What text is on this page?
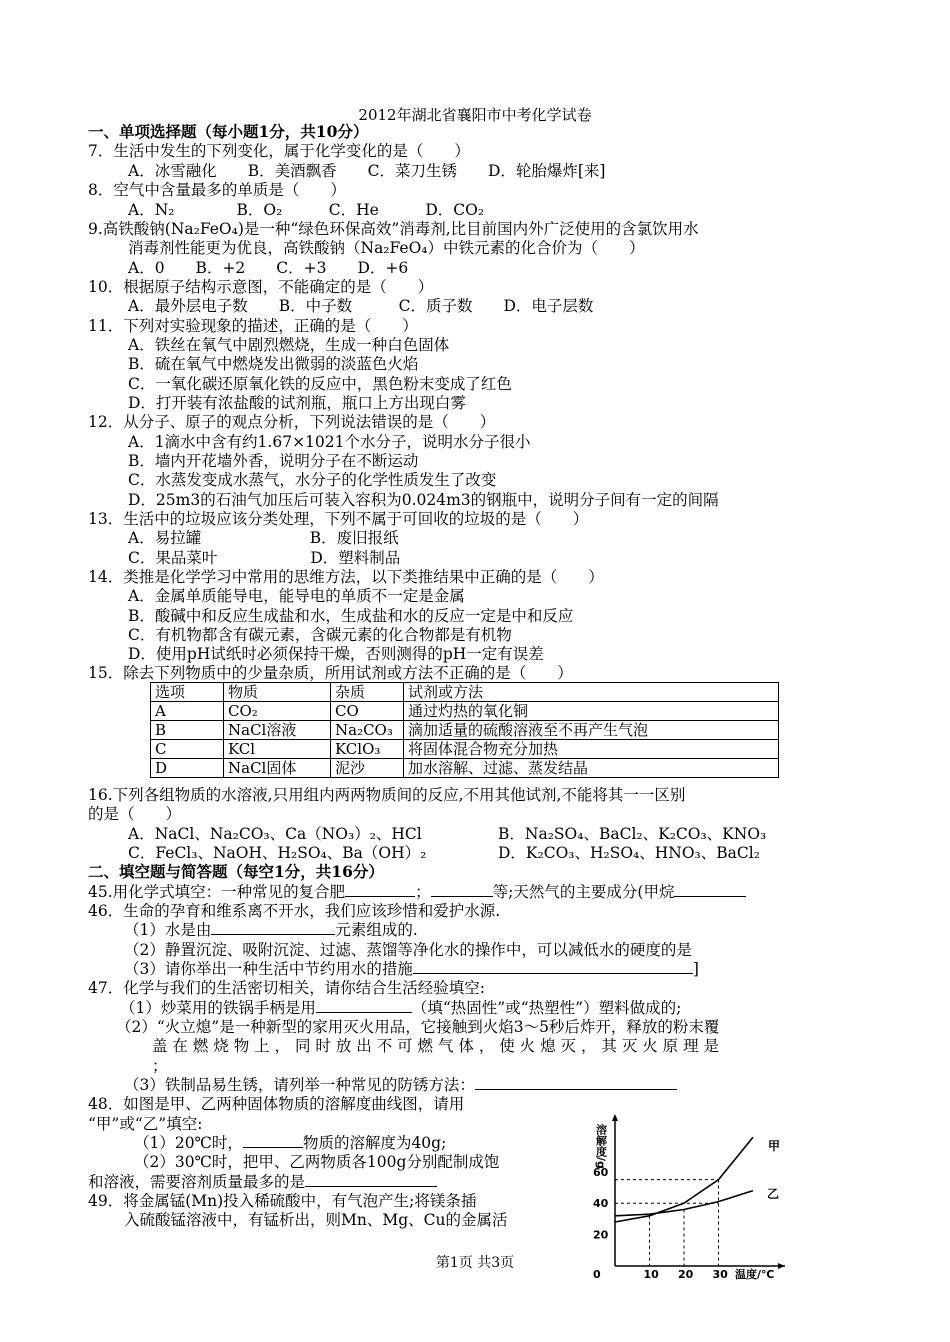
2012年湖北省襄阳市中考化学试卷
一、单项选择题（每小题1分，共10分）
7．生活中发生的下列变化，属于化学变化的是（　　）
A．冰雪融化　　B．美酒飘香　　C．菜刀生锈　　D．轮胎爆炸[来]
8．空气中含量最多的单质是（　　）
A．N₂　　　　B．O₂　　　C．He　　　D．CO₂
9.高铁酸钠(Na₂FeO₄)是一种“绿色环保高效”消毒剂,比目前国内外广泛使用的含氯饮用水
消毒剂性能更为优良，高铁酸钠（Na₂FeO₄）中铁元素的化合价为（　　）
A．0　　B．+2　　C．+3　　D．+6
10．根据原子结构示意图，不能确定的是（　　）
A．最外层电子数　　B．中子数　　　C．质子数　　D．电子层数
11．下列对实验现象的描述，正确的是（　　）
A．铁丝在氧气中剧烈燃烧，生成一种白色固体
B．硫在氧气中燃烧发出微弱的淡蓝色火焰
C．一氧化碳还原氧化铁的反应中，黑色粉末变成了红色
D．打开装有浓盐酸的试剂瓶，瓶口上方出现白雾
12．从分子、原子的观点分析，下列说法错误的是（　　）
A．1滴水中含有约1.67×1021个水分子，说明水分子很小
B．墙内开花墙外香，说明分子在不断运动
C．水蒸发变成水蒸气，水分子的化学性质发生了改变
D．25m3的石油气加压后可装入容积为0.024m3的钢瓶中，说明分子间有一定的间隔
13．生活中的垃圾应该分类处理，下列不属于可回收的垃圾的是（　　）
A．易拉罐　　　　　　　B．废旧报纸
C．果品菜叶　　　　　　D．塑料制品
14．类推是化学学习中常用的思维方法，以下类推结果中正确的是（　　）
A．金属单质能导电，能导电的单质不一定是金属
B．酸碱中和反应生成盐和水，生成盐和水的反应一定是中和反应
C．有机物都含有碳元素，含碳元素的化合物都是有机物
D．使用pH试纸时必须保持干燥，否则测得的pH一定有误差
15．除去下列物质中的少量杂质，所用试剂或方法不正确的是（　　）
选项	物质	杂质	试剂或方法
A	CO₂	CO	通过灼热的氧化铜
B	NaCl溶液	Na₂CO₃	滴加适量的硫酸溶液至不再产生气泡
C	KCl	KClO₃	将固体混合物充分加热
D	NaCl固体	泥沙	加水溶解、过滤、蒸发结晶
16.下列各组物质的水溶液,只用组内两两物质间的反应,不用其他试剂,不能将其一一区别
的是（　　）
A．NaCl、Na₂CO₃、Ca（NO₃）₂、HCl	B．Na₂SO₄、BaCl₂、K₂CO₃、KNO₃
C．FeCl₃、NaOH、H₂SO₄、Ba（OH）₂	D．K₂CO₃、H₂SO₄、HNO₃、BaCl₂
二、填空题与简答题（每空1分，共16分）
45.用化学式填空：一种常见的复合肥	；	等;天然气的主要成分(甲烷
46．生命的孕育和维系离不开水，我们应该珍惜和爱护水源.
（1）水是由	元素组成的.
（2）静置沉淀、吸附沉淀、过滤、蒸馏等净化水的操作中，可以减低水的硬度的是
（3）请你举出一种生活中节约用水的措施	]
47．化学与我们的生活密切相关，请你结合生活经验填空:
（1）炒菜用的铁锅手柄是用	（填“热固性”或“热塑性”）塑料做成的;
（2）“火立熄”是一种新型的家用灭火用品，它接触到火焰3～5秒后炸开，释放的粉末覆
盖 在 燃 烧 物 上 ， 同 时 放 出 不 可 燃 气 体 ， 使 火 熄 灭 ， 其 灭 火 原 理 是
；
（3）铁制品易生锈，请列举一种常见的防锈方法：
48．如图是甲、乙两种固体物质的溶解度曲线图，请用
“甲”或“乙”填空:
（1）20℃时，	物质的溶解度为40g;
（2）30℃时，把甲、乙两物质各100g分别配制成饱
和溶液，需要溶剂质量最多的是
49．将金属锰(Mn)投入稀硫酸中，有气泡产生;将镁条插
入硫酸锰溶液中，有锰析出，则Mn、Mg、Cu的金属活
溶解度/g
温度/℃
0	10 20 30
20
40
60
甲
乙
第1页 共3页
